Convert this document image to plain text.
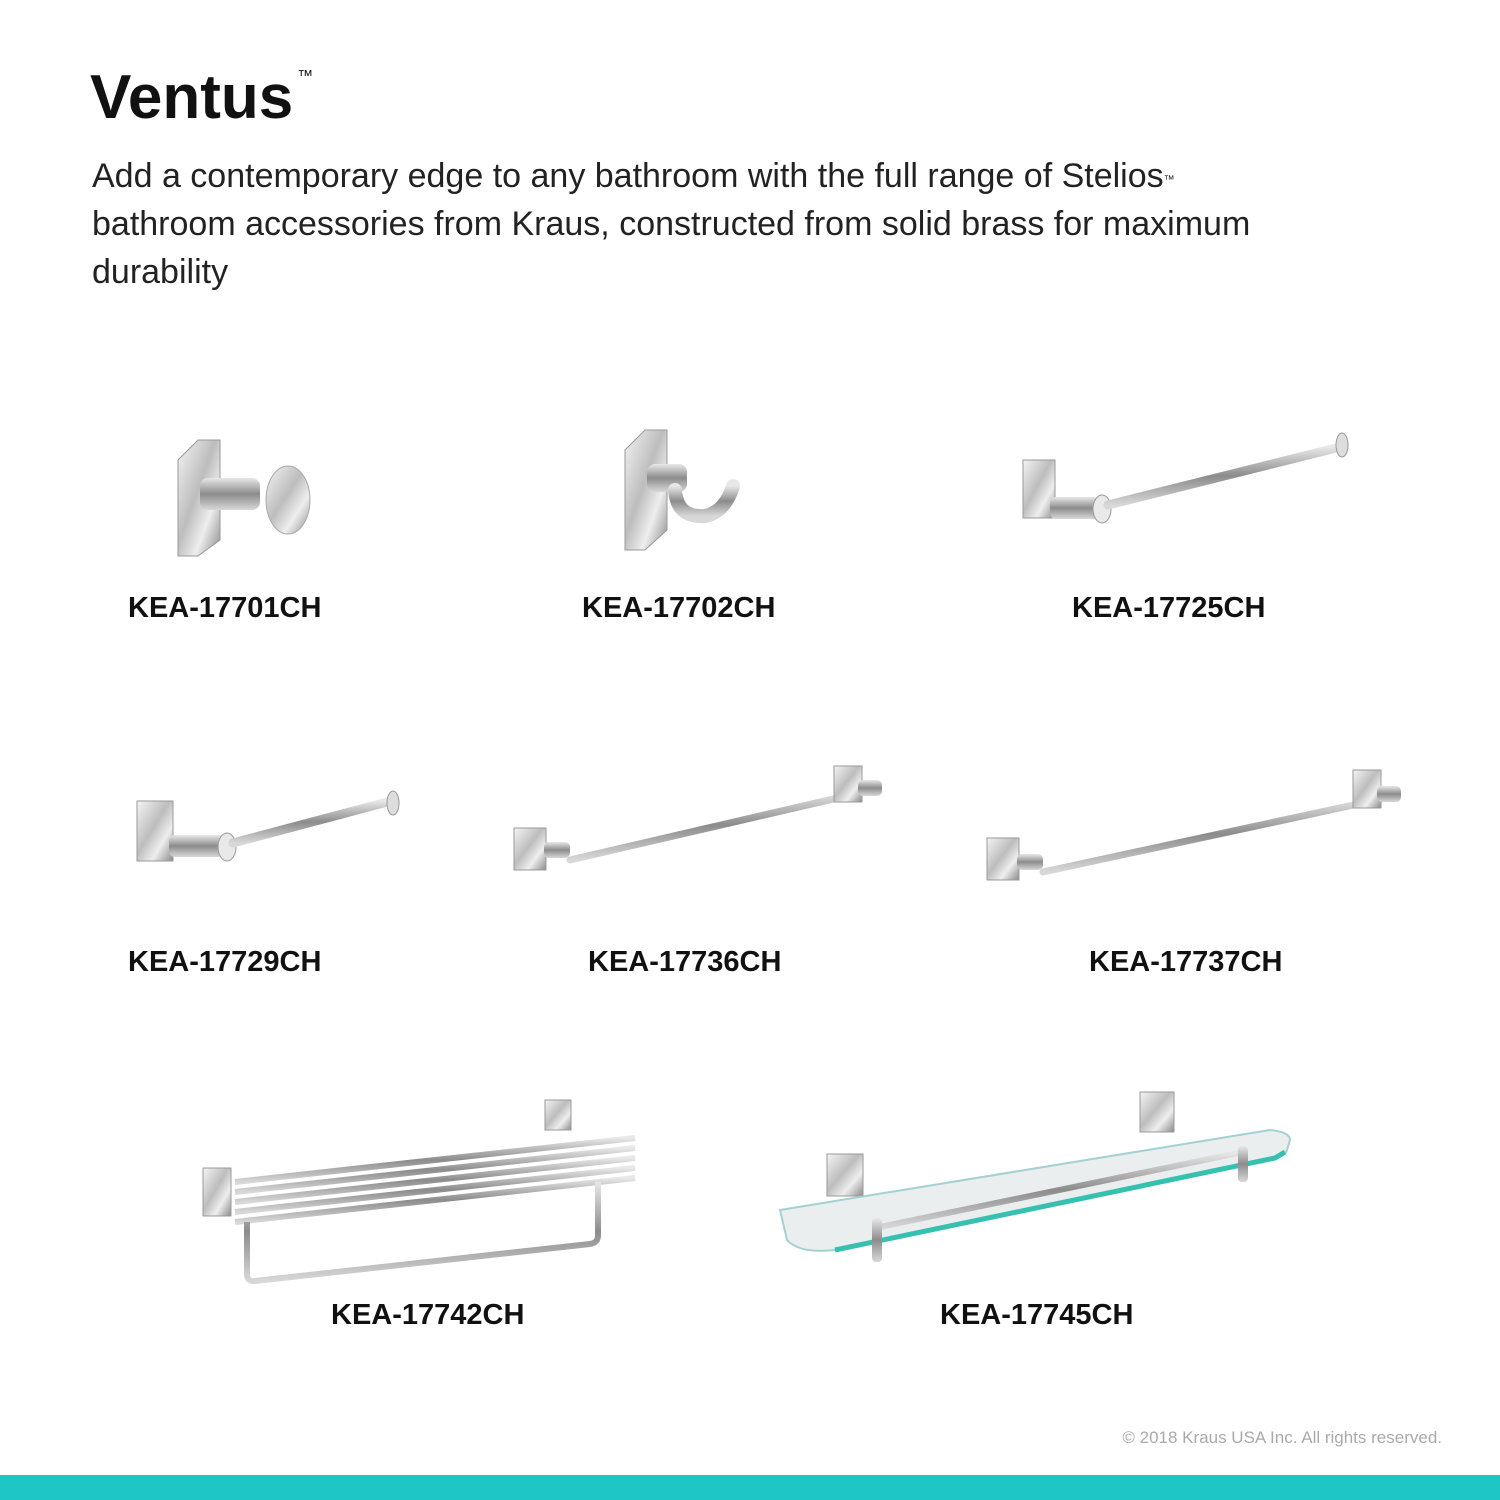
Ventus ™
Add a contemporary edge to any bathroom with the full range of Stelios™
bathroom accessories from Kraus, constructed from solid brass for maximum durability
KEA-17701CH	KEA-17702CH	KEA-17725CH
KEA-17729CH	KEA-17736CH	KEA-17737CH
KEA-17742CH	KEA-17745CH
© 2018 Kraus USA Inc. All rights reserved.
